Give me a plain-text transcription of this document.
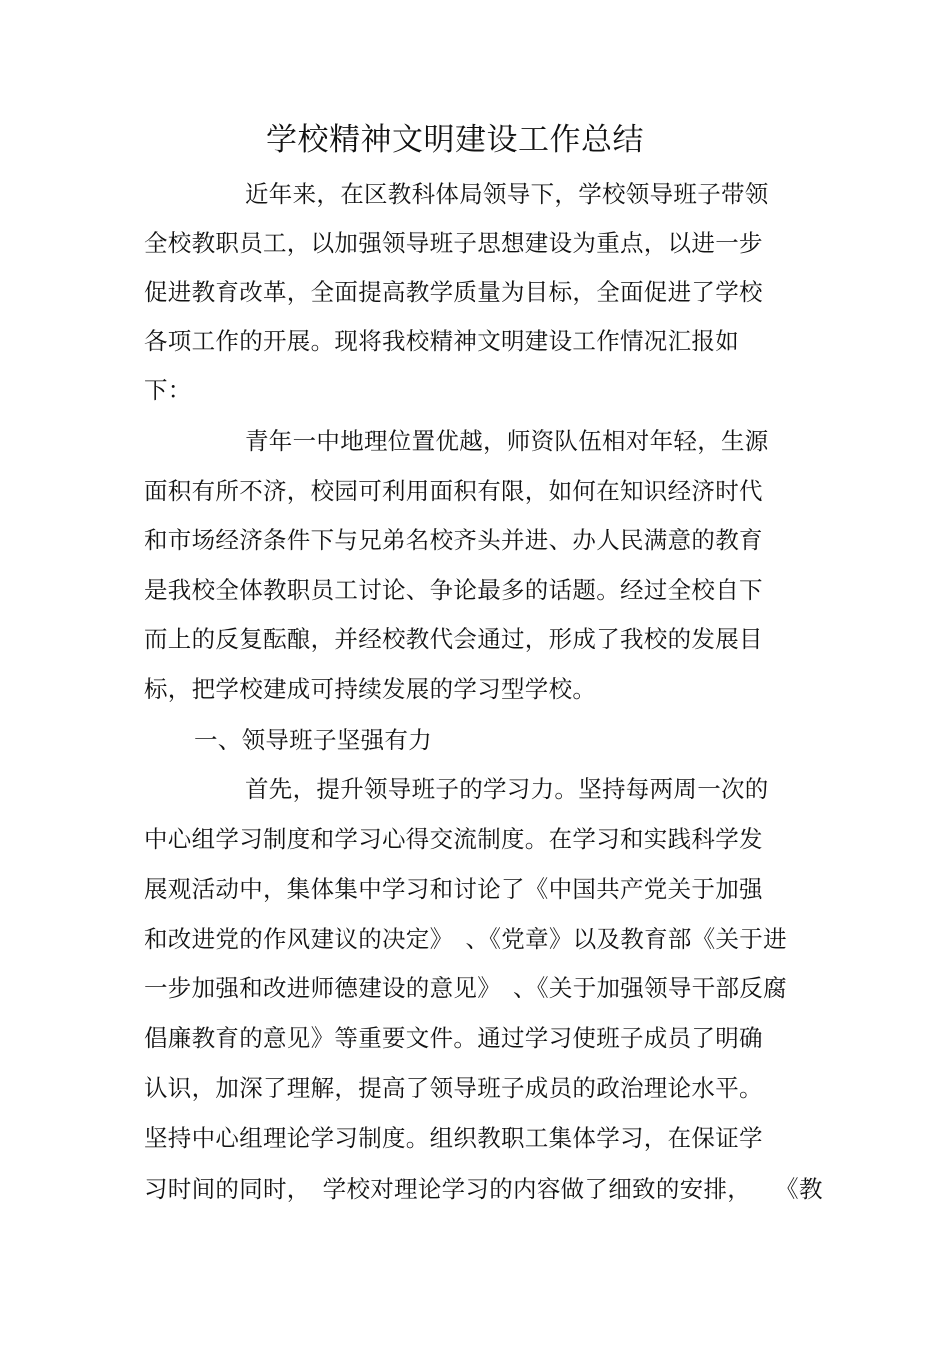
学校精神文明建设工作总结
近年来，在区教科体局领导下，学校领导班子带领
全校教职员工，以加强领导班子思想建设为重点，以进一步
促进教育改革，全面提高教学质量为目标，全面促进了学校
各项工作的开展。现将我校精神文明建设工作情况汇报如
下：
青年一中地理位置优越，师资队伍相对年轻，生源
面积有所不济，校园可利用面积有限，如何在知识经济时代
和市场经济条件下与兄弟名校齐头并进、办人民满意的教育
是我校全体教职员工讨论、争论最多的话题。经过全校自下
而上的反复酝酿，并经校教代会通过，形成了我校的发展目
标，把学校建成可持续发展的学习型学校。
一、领导班子坚强有力
首先，提升领导班子的学习力。坚持每两周一次的
中心组学习制度和学习心得交流制度。在学习和实践科学发
展观活动中，集体集中学习和讨论了《中国共产党关于加强
和改进党的作风建议的决定》　、《党章》以及教育部《关于进
一步加强和改进师德建设的意见》　、《关于加强领导干部反腐
倡廉教育的意见》等重要文件。通过学习使班子成员了明确
认识，加深了理解，提高了领导班子成员的政治理论水平。
坚持中心组理论学习制度。组织教职工集体学习，在保证学
习时间的同时，　学校对理论学习的内容做了细致的安排，　　《教
